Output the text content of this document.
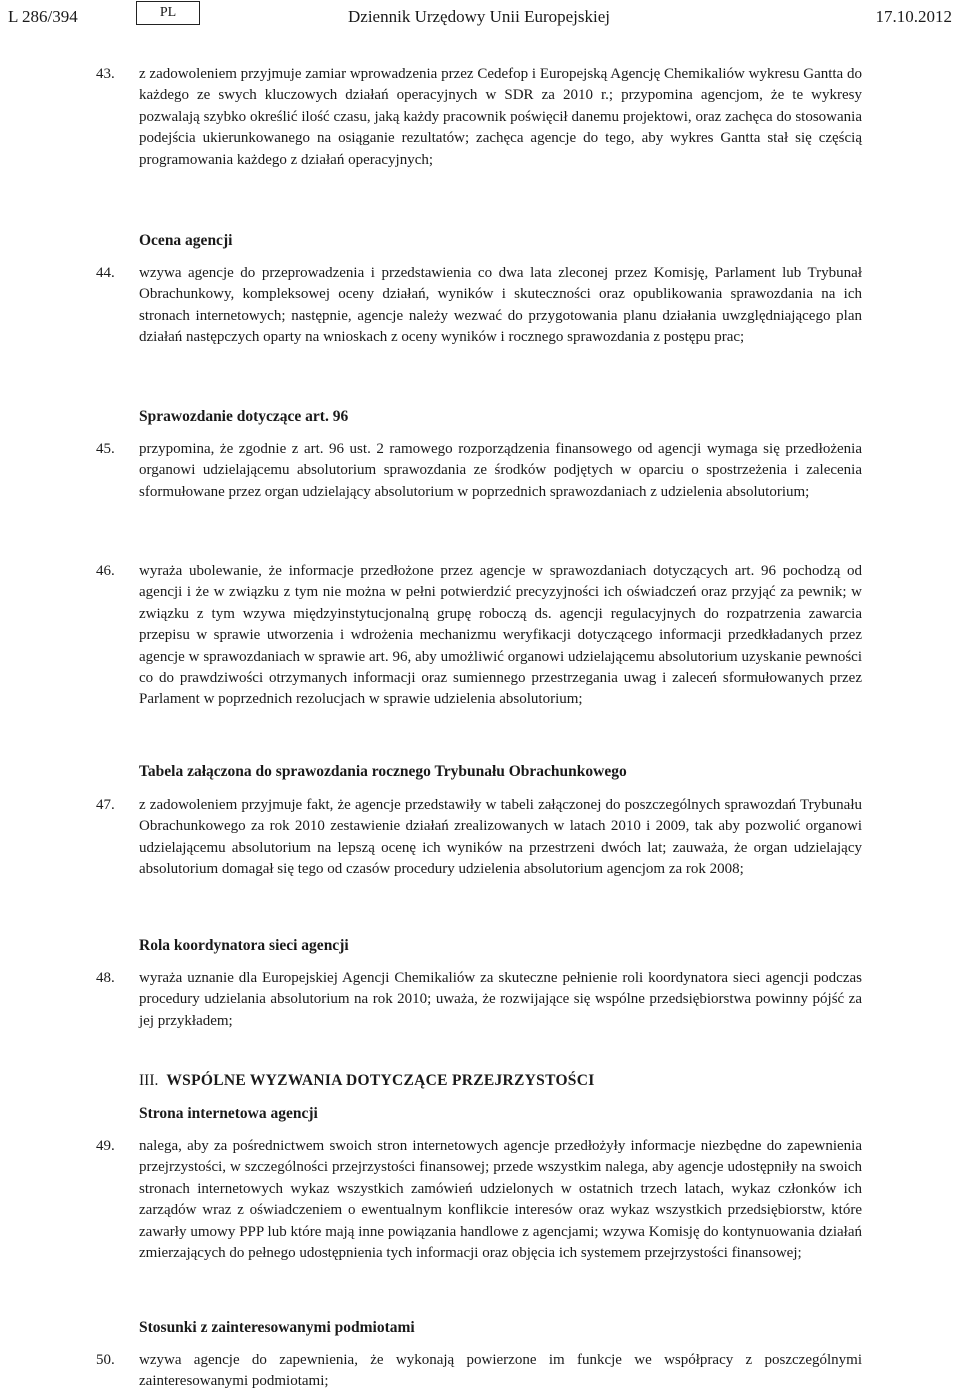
L 286/394	PL	Dziennik Urzędowy Unii Europejskiej	17.10.2012
43.	z zadowoleniem przyjmuje zamiar wprowadzenia przez Cedefop i Europejską Agencję Chemikaliów wykresu Gantta do każdego ze swych kluczowych działań operacyjnych w SDR za 2010 r.; przypomina agencjom, że te wykresy pozwalają szybko określić ilość czasu, jaką każdy pracownik poświęcił danemu projektowi, oraz zachęca do stosowania podejścia ukierunkowanego na osiąganie rezultatów; zachęca agencje do tego, aby wykres Gantta stał się częścią programowania każdego z działań operacyjnych;
Ocena agencji
44.	wzywa agencje do przeprowadzenia i przedstawienia co dwa lata zleconej przez Komisję, Parlament lub Trybunał Obrachunkowy, kompleksowej oceny działań, wyników i skuteczności oraz opublikowania sprawozdania na ich stronach internetowych; następnie, agencje należy wezwać do przygotowania planu działania uwzględniającego plan działań następczych oparty na wnioskach z oceny wyników i rocznego sprawozdania z postępu prac;
Sprawozdanie dotyczące art. 96
45.	przypomina, że zgodnie z art. 96 ust. 2 ramowego rozporządzenia finansowego od agencji wymaga się przedłożenia organowi udzielającemu absolutorium sprawozdania ze środków podjętych w oparciu o spostrzeżenia i zalecenia sformułowane przez organ udzielający absolutorium w poprzednich sprawozdaniach z udzielenia absolutorium;
46.	wyraża ubolewanie, że informacje przedłożone przez agencje w sprawozdaniach dotyczących art. 96 pochodzą od agencji i że w związku z tym nie można w pełni potwierdzić precyzyjności ich oświadczeń oraz przyjąć za pewnik; w związku z tym wzywa międzyinstytucjonalną grupę roboczą ds. agencji regulacyjnych do rozpatrzenia zawarcia przepisu w sprawie utworzenia i wdrożenia mechanizmu weryfikacji dotyczącego informacji przedkładanych przez agencje w sprawozdaniach w sprawie art. 96, aby umożliwić organowi udzielającemu absolutorium uzyskanie pewności co do prawdziwości otrzymanych informacji oraz sumiennego przestrzegania uwag i zaleceń sformułowanych przez Parlament w poprzednich rezolucjach w sprawie udzielenia absolutorium;
Tabela załączona do sprawozdania rocznego Trybunału Obrachunkowego
47.	z zadowoleniem przyjmuje fakt, że agencje przedstawiły w tabeli załączonej do poszczególnych sprawozdań Trybunału Obrachunkowego za rok 2010 zestawienie działań zrealizowanych w latach 2010 i 2009, tak aby pozwolić organowi udzielającemu absolutorium na lepszą ocenę ich wyników na przestrzeni dwóch lat; zauważa, że organ udzielający absolutorium domagał się tego od czasów procedury udzielenia absolutorium agencjom za rok 2008;
Rola koordynatora sieci agencji
48.	wyraża uznanie dla Europejskiej Agencji Chemikaliów za skuteczne pełnienie roli koordynatora sieci agencji podczas procedury udzielania absolutorium na rok 2010; uważa, że rozwijające się wspólne przedsiębiorstwa powinny pójść za jej przykładem;
III. WSPÓLNE WYZWANIA DOTYCZĄCE PRZEJRZYSTOŚCI
Strona internetowa agencji
49.	nalega, aby za pośrednictwem swoich stron internetowych agencje przedłożyły informacje niezbędne do zapewnienia przejrzystości, w szczególności przejrzystości finansowej; przede wszystkim nalega, aby agencje udostępniły na swoich stronach internetowych wykaz wszystkich zamówień udzielonych w ostatnich trzech latach, wykaz członków ich zarządów wraz z oświadczeniem o ewentualnym konflikcie interesów oraz wykaz wszystkich przedsiębiorstw, które zawarły umowy PPP lub które mają inne powiązania handlowe z agencjami; wzywa Komisję do kontynuowania działań zmierzających do pełnego udostępnienia tych informacji oraz objęcia ich systemem przejrzystości finansowej;
Stosunki z zainteresowanymi podmiotami
50.	wzywa agencje do zapewnienia, że wykonają powierzone im funkcje we współpracy z poszczególnymi zainteresowanymi podmiotami;
